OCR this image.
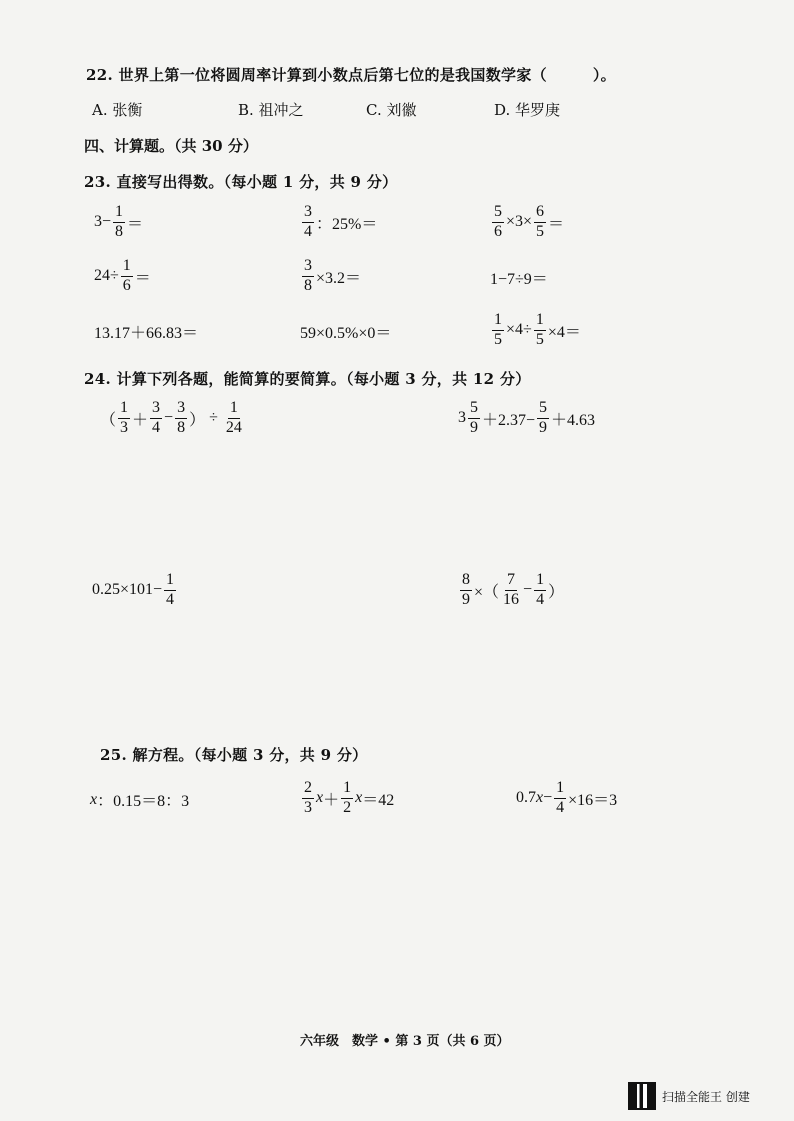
22. 世界上第一位将圆周率计算到小数点后第七位的是我国数学家（　　　）。
A. 张衡	B. 祖冲之	C. 刘徽	D. 华罗庚
四、计算题。（共 30 分）
23. 直接写出得数。（每小题 1 分，共 9 分）
$3- \frac{1}{8}$ ＝	$\frac{3}{4}$ ：25%＝	$\frac{5}{6} \times 3\times \frac{6}{5}$ ＝
$24\div \frac{1}{6}$ ＝	$\frac{3}{8} \times 3.2=$	1−7÷9＝
13.17＋66.83＝	59×0.5%×0＝	$\frac{1}{5} \times 4\div \frac{1}{5} \times 4=$
24. 计算下列各题，能简算的要简算。（每小题 3 分，共 12 分）
（ $\frac{1}{3} + \frac{3}{4} - \frac{3}{8}$ ） ÷ $\frac{1}{24}$	$3 \frac{5}{9} +2.37- \frac{5}{9} +4.63$
$0.25\times 101- \frac{1}{4}$	$\frac{8}{9}$ ×（ $\frac{7}{16} - \frac{1}{4}$ ）
25. 解方程。（每小题 3 分，共 9 分）
x ：0.15＝8：3	$\frac{2}{3}$ $x + \frac{1}{2}$ x ＝42	0.7 $x - \frac{1}{4} \times 16=3$
六年级　数学 • 第 3 页（共 6 页）
扫描全能王 创建
